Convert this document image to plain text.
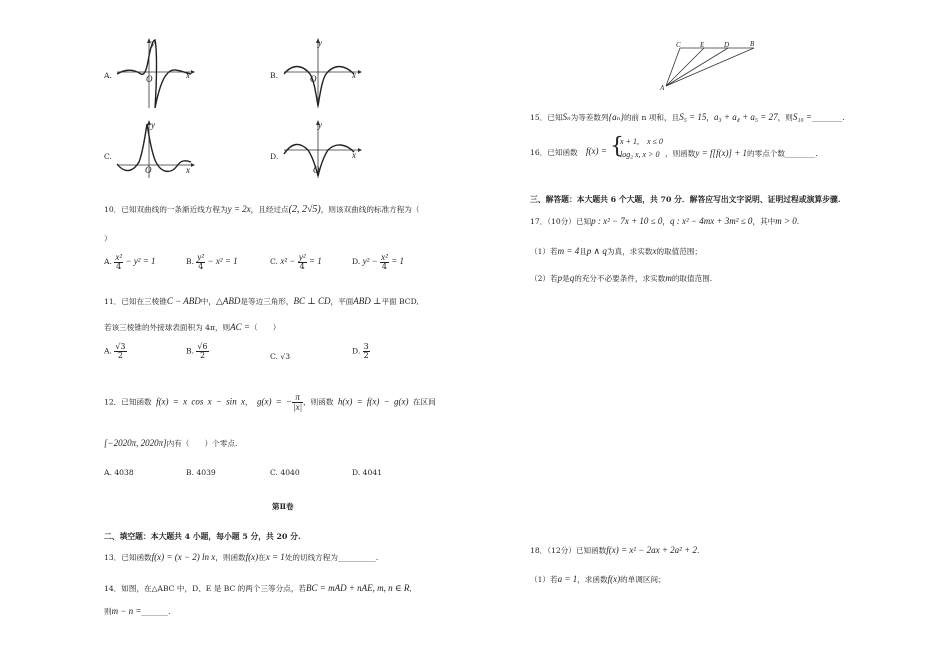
A.
y
x
O	B.
y
x
O
C.
y
x
O
D.
y
x
O
10．已知双曲线的一条渐近线方程为y = 2x，且经过点(2, 2√5)，则该双曲线的标准方程为（
）
A. $\frac{\text{x²}}{4} - y^2 = 1$	B. $\frac{\text{y²}}{4} - x^2 = 1$	C. $x^2 - \frac{\text{y²}}{4} = 1$	D. $y^2 - \frac{\text{x²}}{4} = 1$
11．已知在三棱锥C − ABD中，△ABD是等边三角形，BC ⊥ CD，平面ABD ⊥平面 BCD,
若该三棱锥的外接球表面积为 4π，则AC =（　　）
A. $\frac{√3}{2}$	B. $\frac{√6}{2}$	C. √3
D. $\frac{3}{2}$
12．已知函数 f(x) = x cos x − sin x， g(x) = − $\frac{\pi}{|x|}$ ，则函数 h(x) = f(x) − g(x) 在区间
[−2020π, 2020π]内有（　　）个零点.
A. 4038	B. 4039	C. 4040	D. 4041
第Ⅱ卷
二、填空题：本大题共 4 小题，每小题 5 分，共 20 分.
13．已知函数f(x) = (x − 2) ln x，则函数f(x)在x = 1处的切线方程为__________.
14．如图，在△ABC 中，D、E 是 BC 的两个三等分点，若BC = mAD + nAE, m, n ∈ R,
则m − n =_______.
C	E	D	B
A
15．已知Sₙ为等差数列{aₙ}的前 n 项和，且S₅ = 15，a₃ + a₄ + a₅ = 27，则S₁₀ =________.
16．已知函数 f(x) = {
x + 1,　x ≤ 0
log₂ x, x > 0 ，则函数y = f[f(x)] + 1的零点个数________.
三、解答题：本大题共 6 个大题，共 70 分．解答应写出文字说明、证明过程或演算步骤.
17．（10分）已知p : x² − 7x + 10 ≤ 0，q : x² − 4mx + 3m² ≤ 0，其中m > 0.
（1）若m = 4且p ∧ q为真，求实数x的取值范围；
（2）若p是q的充分不必要条件，求实数m的取值范围.
18．（12分）已知函数f(x) = x² − 2ax + 2a² + 2.
（1）若a = 1，求函数f(x)的单调区间；
